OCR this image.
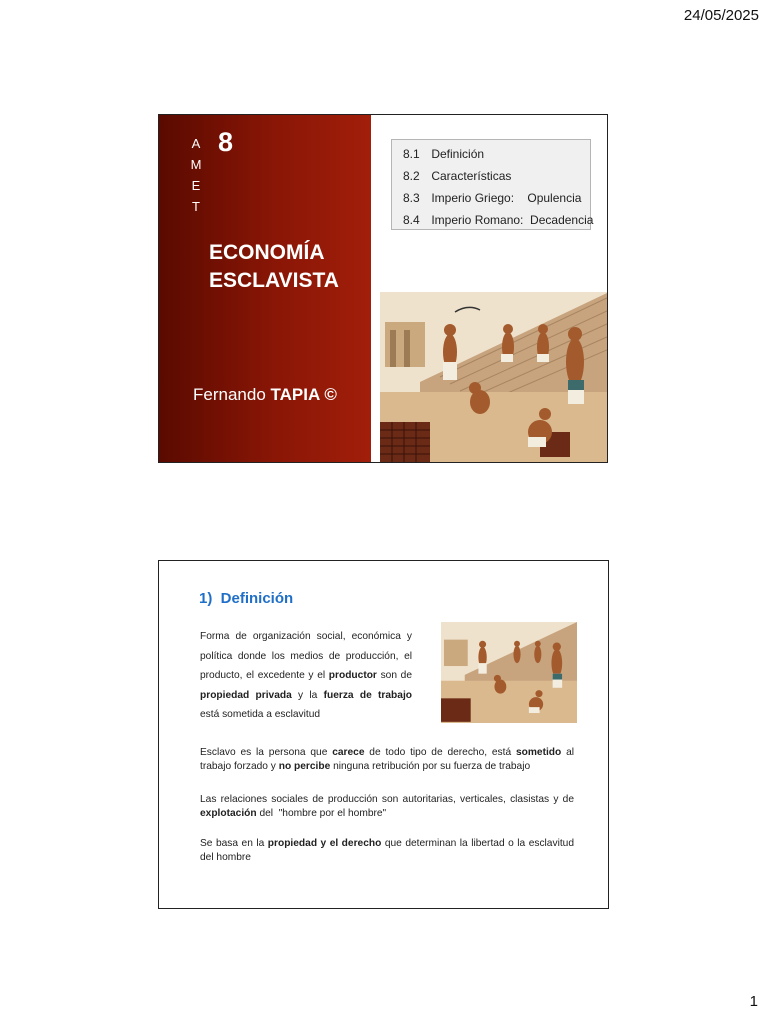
24/05/2025
A
M
E
T
8
ECONOMÍA
ESCLAVISTA
Fernando TAPIA ©
8.1 Definición
8.2 Características
8.3 Imperio Griego:    Opulencia
8.4 Imperio Romano:  Decadencia
1)  Definición
Forma de organización social, económica y política donde los medios de producción, el producto, el excedente y el productor son de propiedad privada y la fuerza de trabajo está sometida a esclavitud
Esclavo es la persona que carece de todo tipo de derecho, está sometido al trabajo forzado y no percibe ninguna retribución por su fuerza de trabajo
Las relaciones sociales de producción son autoritarias, verticales, clasistas y de explotación del  "hombre por el hombre"
Se basa en la propiedad y el derecho que determinan la libertad o la esclavitud del hombre
1
